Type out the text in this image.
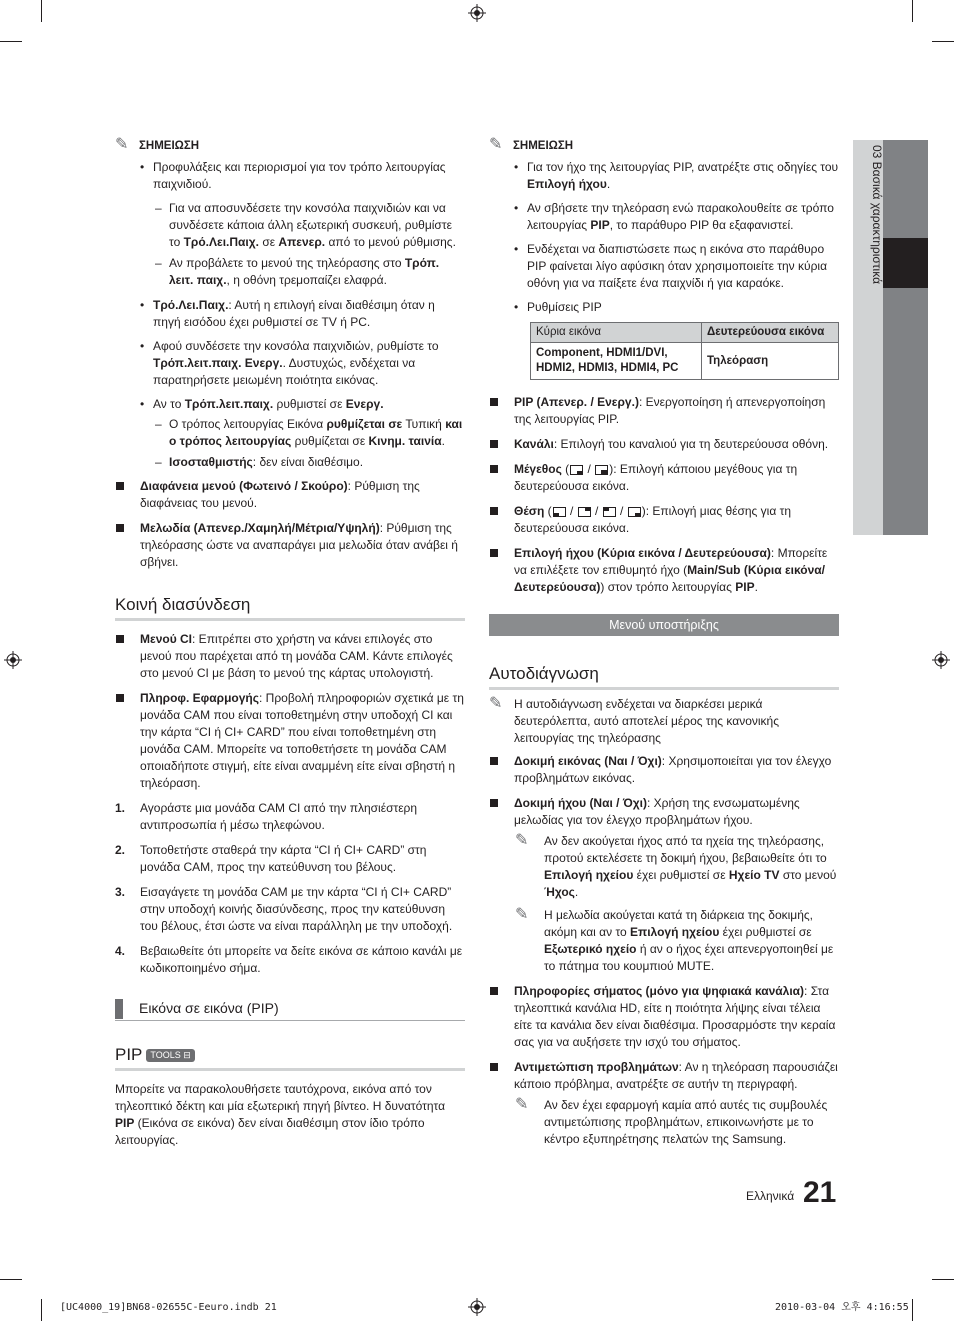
✎ ΣΗΜΕΙΩΣΗ
• Προφυλάξεις και περιορισμοί για τον τρόπο λειτουργίας παιχνιδιού.
– Για να αποσυνδέσετε την κονσόλα παιχνιδιών και να συνδέσετε κάποια άλλη εξωτερική συσκευή, ρυθμίστε το Τρό.Λει.Παιχ. σε Απενερ. από το μενού ρύθμισης.
– Αν προβάλετε το μενού της τηλεόρασης στο Τρόπ. λειτ. παιχ., η οθόνη τρεμοπαίζει ελαφρά.
• Τρό.Λει.Παιχ.: Αυτή η επιλογή είναι διαθέσιμη όταν η πηγή εισόδου έχει ρυθμιστεί σε TV ή PC.
• Αφού συνδέσετε την κονσόλα παιχνιδιών, ρυθμίστε το Τρόπ.λειτ.παιχ. Ενεργ.. Δυστυχώς, ενδέχεται να παρατηρήσετε μειωμένη ποιότητα εικόνας.
• Αν το Τρόπ.λειτ.παιχ. ρυθμιστεί σε Ενεργ.
– Ο τρόπος λειτουργίας Εικόνα ρυθμίζεται σε Τυπική και ο τρόπος λειτουργίας ρυθμίζεται σε Κινημ. ταινία.
– Ισοσταθμιστής: δεν είναι διαθέσιμο.
Διαφάνεια μενού (Φωτεινό / Σκούρο): Ρύθμιση της διαφάνειας του μενού.
Μελωδία (Απενερ./Χαμηλή/Μέτρια/Υψηλή): Ρύθμιση της τηλεόρασης ώστε να αναπαράγει μια μελωδία όταν ανάβει ή σβήνει.
Κοινή διασύνδεση
Μενού CI: Επιτρέπει στο χρήστη να κάνει επιλογές στο μενού που παρέχεται από τη μονάδα CAM. Κάντε επιλογές στο μενού CI με βάση το μενού της κάρτας υπολογιστή.
Πληροφ. Εφαρμογής: Προβολή πληροφοριών σχετικά με τη μονάδα CAM που είναι τοποθετημένη στην υποδοχή CI και την κάρτα “CI ή CI+ CARD” που είναι τοποθετημένη στη μονάδα CAM. Μπορείτε να τοποθετήσετε τη μονάδα CAM οποιαδήποτε στιγμή, είτε είναι αναμμένη είτε είναι σβηστή η τηλεόραση.
1. Αγοράστε μια μονάδα CAM CI από την πλησιέστερη αντιπροσωπία ή μέσω τηλεφώνου.
2. Τοποθετήστε σταθερά την κάρτα “CI ή CI+ CARD” στη μονάδα CAM, προς την κατεύθυνση του βέλους.
3. Εισαγάγετε τη μονάδα CAM με την κάρτα “CI ή CI+ CARD” στην υποδοχή κοινής διασύνδεσης, προς την κατεύθυνση του βέλους, έτσι ώστε να είναι παράλληλη με την υποδοχή.
4. Βεβαιωθείτε ότι μπορείτε να δείτε εικόνα σε κάποιο κανάλι με κωδικοποιημένο σήμα.
Εικόνα σε εικόνα (PIP)
PIP TOOLS ⊟
Μπορείτε να παρακολουθήσετε ταυτόχρονα, εικόνα από τον τηλεοπτικό δέκτη και μία εξωτερική πηγή βίντεο. Η δυνατότητα PIP (Εικόνα σε εικόνα) δεν είναι διαθέσιμη στον ίδιο τρόπο λειτουργίας.
✎ ΣΗΜΕΙΩΣΗ
• Για τον ήχο της λειτουργίας PIP, ανατρέξτε στις οδηγίες του Επιλογή ήχου.
• Αν σβήσετε την τηλεόραση ενώ παρακολουθείτε σε τρόπο λειτουργίας PIP, το παράθυρο PIP θα εξαφανιστεί.
• Ενδέχεται να διαπιστώσετε πως η εικόνα στο παράθυρο PIP φαίνεται λίγο αφύσικη όταν χρησιμοποιείτε την κύρια οθόνη για να παίξετε ένα παιχνίδι ή για καραόκε.
• Ρυθμίσεις PIP
Κύρια εικόνα	Δευτερεύουσα εικόνα
Component, HDMI1/DVI, HDMI2, HDMI3, HDMI4, PC	Τηλεόραση
PIP (Απενερ. / Ενεργ.): Ενεργοποίηση ή απενεργοποίηση της λειτουργίας PIP.
Κανάλι: Επιλογή του καναλιού για τη δευτερεύουσα οθόνη.
Μέγεθος ( / ): Επιλογή κάποιου μεγέθους για τη δευτερεύουσα εικόνα.
Θέση ( /  /  / ): Επιλογή μιας θέσης για τη δευτερεύουσα εικόνα.
Επιλογή ήχου (Κύρια εικόνα / Δευτερεύουσα): Μπορείτε να επιλέξετε τον επιθυμητό ήχο (Main/Sub (Κύρια εικόνα/ Δευτερεύουσα)) στον τρόπο λειτουργίας PIP.
Μενού υποστήριξης
Αυτοδιάγνωση
✎ Η αυτοδιάγνωση ενδέχεται να διαρκέσει μερικά δευτερόλεπτα, αυτό αποτελεί μέρος της κανονικής λειτουργίας της τηλεόρασης
Δοκιμή εικόνας (Ναι / Όχι): Χρησιμοποιείται για τον έλεγχο προβλημάτων εικόνας.
Δοκιμή ήχου (Ναι / Όχι): Χρήση της ενσωματωμένης μελωδίας για τον έλεγχο προβλημάτων ήχου.
✎ Αν δεν ακούγεται ήχος από τα ηχεία της τηλεόρασης, προτού εκτελέσετε τη δοκιμή ήχου, βεβαιωθείτε ότι το Επιλογή ηχείου έχει ρυθμιστεί σε Ηχείο TV στο μενού Ήχος.
✎ Η μελωδία ακούγεται κατά τη διάρκεια της δοκιμής, ακόμη και αν το Επιλογή ηχείου έχει ρυθμιστεί σε Εξωτερικό ηχείο ή αν ο ήχος έχει απενεργοποιηθεί με το πάτημα του κουμπιού MUTE.
Πληροφορίες σήματος (μόνο για ψηφιακά κανάλια): Στα τηλεοπτικά κανάλια HD, είτε η ποιότητα λήψης είναι τέλεια είτε τα κανάλια δεν είναι διαθέσιμα. Προσαρμόστε την κεραία σας για να αυξήσετε την ισχύ του σήματος.
Αντιμετώπιση προβλημάτων: Αν η τηλεόραση παρουσιάζει κάποιο πρόβλημα, ανατρέξτε σε αυτήν τη περιγραφή.
✎ Αν δεν έχει εφαρμογή καμία από αυτές τις συμβουλές αντιμετώπισης προβλημάτων, επικοινωνήστε με το κέντρο εξυπηρέτησης πελατών της Samsung.
03 Βασικά χαρακτηριστικά
Ελληνικά 21
[UC4000_19]BN68-02655C-Eeuro.indb 21	2010-03-04 오후 4:16:55
